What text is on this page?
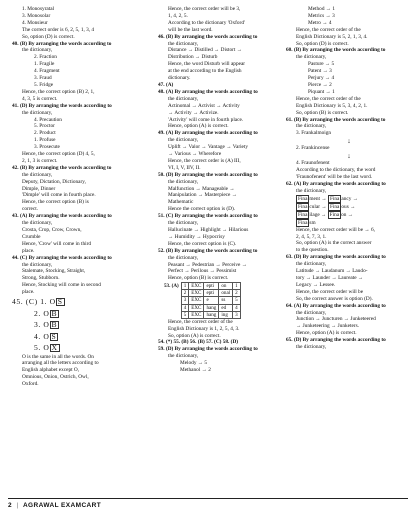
1. Monosyratal
3. Monosolar
4. Monsieur
The correct order is 6, 2, 5, 1, 3, 4
So, option (D) is correct.
40. (B) By arranging the words according to
the dictionary,
2. Fraction
1. Fragile
4. Fragment
3. Fraud
5. Fridge
Hence, the correct option (B) 2, 1,
4, 3, 5 is correct.
41. (D) By arranging the words according to
the dictionary,
4. Precaution
5. Proctor
2. Product
1. Profuse
3. Prosecute
Hence, the correct option (D) 4, 5,
2, 1, 3 is correct.
42. (B) By arranging the words according to
the dictionary,
Deputy, Dictation, Dictionary,
Dimple, Dinner
'Dimple' will come in fourth place.
Hence, the correct option (B) is
correct.
43. (A) By arranging the words according to
the dictionary,
Crosta, Crop, Crow, Crown,
Crumble
Hence, 'Crow' will come in third
place.
44. (C) By arranging the words according to
the dictionary,
Stalemate, Stocking, Straight,
Strong, Stubborn.
Hence, Stocking will come in second
place.
45. (C) 1. O S
2. O B
3. O B
4. O S
5. O X
O is the same in all the words. On
arranging all the letters according to
English alphabet except O,
Omnious, Onion, Ostrich, Owl,
Oxford.
Hence, the correct order will be 3,
1, 4, 2, 5.
According to the dictionary 'Oxford'
will be the last word.
46. (B) By arranging the words according to
the dictionary,
Distance → Distilled → Distort →
Distribution → Disturb
Hence, the word Disturb will appear
at the end according to the English
dictionary.
47. (A)
48. (A) By arranging the words according to
the dictionary,
Actinomal → Activist → Activity
→ Activity → Activize.
'Activity' will come in fourth place.
Hence, option (A) is correct.
49. (A) By arranging the words according to
the dictionary,
Uplift → Valor → Vantage → Variety
→ Various → Wherefore
Hence, the correct order is (A) III,
VI, I, V, IIV, II.
50. (D) By arranging the words according to
the dictionary,
Malfunction → Manageable →
Manipulation → Masterpiece →
Mathematic
Hence the correct option is (D).
51. (C) By arranging the words according to
the dictionary,
Hallucinate → Highlight → Hilarious
→ Humidity → Hypocrisy
Hence, the correct option is (C).
52. (B) By arranging the words according to
the dictionary,
Peasant → Pedestrian → Perceive →
Perfect → Perilous → Pessimist
Hence, option (B) is correct.
53. (A)	1	EXC	epti	on	1
	2	EXC	epti	onal	2
	3	EXC	e	ss	5
	4	EXC	hang	ed	4
	5	EXC	hang	ing	3
Hence, the correct order of the
English Dictionary is 1, 2, 5, 4, 3.
So, option (A) is correct.
54. (*) 55. (B) 56. (B) 57. (C) 58. (D)
59. (D) By arranging the words according to
the dictionary,
Melody → 5
Methanol → 2
Method → 1
Metrics → 3
Metro → 4
Hence, the correct order of the
English Dictionary is 5, 2, 1, 3, 4.
So, option (D) is correct.
60. (B) By arranging the words according to
the dictionary,
Pasture → 5
Patent → 3
Perjury → 4
Pierce → 2
Piquant → 1
Hence, the correct order of the
English Dictionary is 5, 3, 4, 2, 1.
So, option (B) is correct.
61. (B) By arranging the words according to
the dictionary,
3. Frankalmoign
↓
2. Frankincense
↓
4. Fraunofenent
According to the dictionary, the word
'Fraunofenent' will be the last word.
62. (A) By arranging the words according to
the dictionary,
Fina ment → Fina ancy →
Fina cular → Fina ous →
Fina ilage → Fina on →
Fina sm
Hence, the correct order will be → 6,
2, 4, 5, 7, 3, 1.
So, option (A) is the correct answer
to the question.
63. (D) By arranging the words according to
the dictionary,
Latitude → Laudanum → Laudo-
tory → Launder → Laureate →
Legacy → Lessee.
Hence, the correct order will be
So, the correct answer is option (D).
64. (A) By arranging the words according to
the dictionary,
Junction → Juncturen → Junketeered
→ Junketeering → Junketers.
Hence, option (A) is correct.
65. (D) By arranging the words according to
the dictionary,
2 | AGRAWAL EXAMCART
